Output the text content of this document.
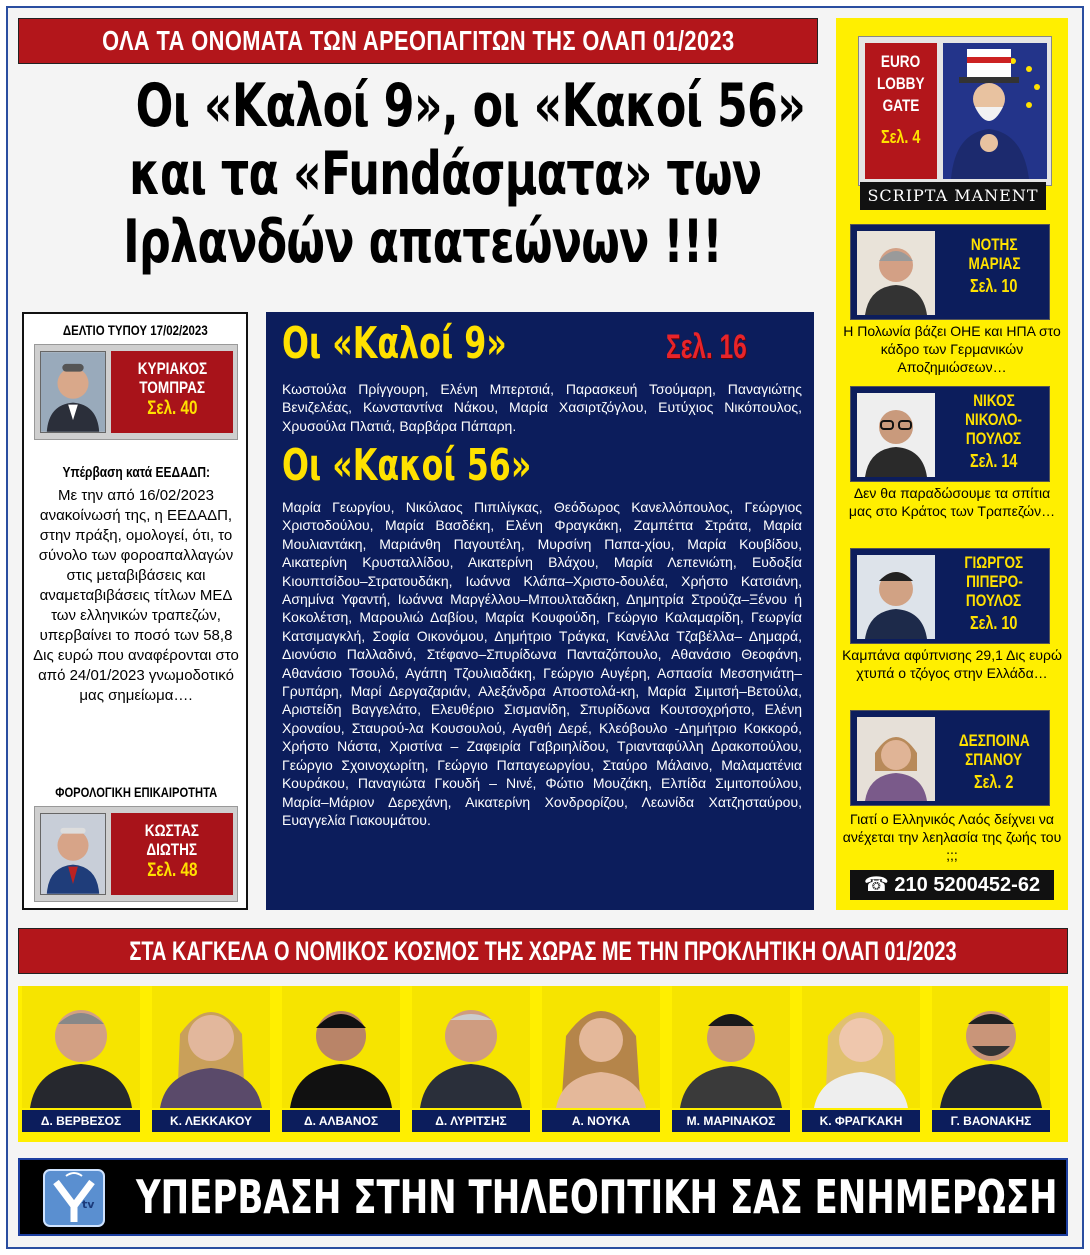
ΟΛΑ ΤΑ ΟΝΟΜΑΤΑ ΤΩΝ ΑΡΕΟΠΑΓΙΤΩΝ ΤΗΣ ΟΛΑΠ 01/2023
Οι «Καλοί 9», οι «Κακοί 56»
και τα «Fundάσματα» των
Ιρλανδών απατεώνων !!!
ΔΕΛΤΙΟ ΤΥΠΟΥ 17/02/2023
ΚΥΡΙΑΚΟΣ
ΤΟΜΠΡΑΣ
Σελ. 40
Υπέρβαση κατά ΕΕΔΑΔΠ:
Με την από 16/02/2023 ανακοίνωσή της, η ΕΕΔΑΔΠ, στην πράξη, ομολογεί, ότι, το σύνολο των φοροαπαλλαγών στις μεταβιβάσεις και αναμεταβιβάσεις τίτλων ΜΕΔ των ελληνικών τραπεζών, υπερβαίνει το ποσό των 58,8 Δις ευρώ που αναφέρονται στο από 24/01/2023 γνωμοδοτικό μας σημείωμα….
ΦΟΡΟΛΟΓΙΚΗ ΕΠΙΚΑΙΡΟΤΗΤΑ
ΚΩΣΤΑΣ
ΔΙΩΤΗΣ
Σελ. 48
Οι «Καλοί 9»	Σελ. 16
Κωστούλα Πρίγγουρη, Ελένη Μπερτσιά, Παρασκευή Τσούμαρη, Παναγιώτης Βενιζελέας, Κωνσταντίνα Νάκου, Μαρία Χασιρτζόγλου, Ευτύχιος Νικόπουλος, Χρυσούλα Πλατιά, Βαρβάρα Πάπαρη.
Οι «Κακοί 56»
Μαρία Γεωργίου, Νικόλαος Πιπιλίγκας, Θεόδωρος Κανελλόπουλος, Γεώργιος Χριστοδούλου, Μαρία Βασδέκη, Ελένη Φραγκάκη, Ζαμπέττα Στράτα, Μαρία Μουλιαντάκη, Μαριάνθη Παγουτέλη, Μυρσίνη Παπα-χίου, Μαρία Κουβίδου, Αικατερίνη Κρυσταλλίδου, Αικατερίνη Βλάχου, Μαρία Λεπενιώτη, Ευδοξία Κιουπτσίδου–Στρατουδάκη, Ιωάννα Κλάπα–Χριστο-δουλέα, Χρήστο Κατσιάνη, Ασημίνα Υφαντή, Ιωάννα Μαργέλλου–Μπουλταδάκη, Δημητρία Στρούζα–Ξένου ή Κοκολέτση, Μαρουλιώ Δαβίου, Μαρία Κουφούδη, Γεώργιο Καλαμαρίδη, Γεωργία Κατσιμαγκλή, Σοφία Οικονόμου, Δημήτριο Τράγκα, Κανέλλα Τζαβέλλα– Δημαρά, Διονύσιο Παλλαδινό, Στέφανο–Σπυρίδωνα Πανταζόπουλο, Αθανάσιο Θεοφάνη, Αθανάσιο Τσουλό, Αγάπη Τζουλιαδάκη, Γεώργιο Αυγέρη, Ασπασία Μεσσηνιάτη–Γρυπάρη, Μαρί Δεργαζαριάν, Αλεξάνδρα Αποστολά-κη, Μαρία Σιμιτσή–Βετούλα, Αριστείδη Βαγγελάτο, Ελευθέριο Σισμανίδη, Σπυρίδωνα Κουτσοχρήστο, Ελένη Χροναίου, Σταυρού-λα Κουσουλού, Αγαθή Δερέ, Κλεόβουλο -Δημήτριο Κοκκορό, Χρήστο Νάστα, Χριστίνα – Ζαφειρία Γαβριηλίδου, Τριανταφύλλη Δρακοπούλου, Γεώργιο Σχοινοχωρίτη, Γεώργιο Παπαγεωργίου, Σταύρο Μάλαινο, Μαλαματένια Κουράκου, Παναγιώτα Γκουδή – Νινέ, Φώτιο Μουζάκη, Ελπίδα Σιμιτοπούλου, Μαρία–Μάριον Δερεχάνη, Αικατερίνη Χονδρορίζου, Λεωνίδα Χατζησταύρου, Ευαγγελία Γιακουμάτου.
EURO
LOBBY
GATE
Σελ. 4
SCRIPTA MANENT
ΝΟΤΗΣ
ΜΑΡΙΑΣ
Σελ. 10
Η Πολωνία βάζει ΟΗΕ και ΗΠΑ στο κάδρο των Γερμανικών Αποζημιώσεων…
ΝΙΚΟΣ
ΝΙΚΟΛΟ-
ΠΟΥΛΟΣ
Σελ. 14
Δεν θα παραδώσουμε τα σπίτια μας στο Κράτος των Τραπεζών…
ΓΙΩΡΓΟΣ
ΠΙΠΕΡΟ-
ΠΟΥΛΟΣ
Σελ. 10
Καμπάνα αφύπνισης 29,1 Δις ευρώ χτυπά ο τζόγος στην Ελλάδα…
ΔΕΣΠΟΙΝΑ
ΣΠΑΝΟΥ
Σελ. 2
Γιατί ο Ελληνικός Λαός δείχνει να ανέχεται την λεηλασία της ζωής του ;;;
☎ 210 5200452-62
ΣΤΑ ΚΑΓΚΕΛΑ Ο ΝΟΜΙΚΟΣ ΚΟΣΜΟΣ ΤΗΣ ΧΩΡΑΣ ΜΕ ΤΗΝ ΠΡΟΚΛΗΤΙΚΗ ΟΛΑΠ 01/2023
Δ. ΒΕΡΒΕΣΟΣ	Κ. ΛΕΚΚΑΚΟΥ	Δ. ΑΛΒΑΝΟΣ	Δ. ΛΥΡΙΤΣΗΣ	Α. ΝΟΥΚΑ	Μ. ΜΑΡΙΝΑΚΟΣ	Κ. ΦΡΑΓΚΑΚΗ	Γ. ΒΑΟΝΑΚΗΣ
tv ΥΠΕΡΒΑΣΗ ΣΤΗΝ ΤΗΛΕΟΠΤΙΚΗ ΣΑΣ ΕΝΗΜΕΡΩΣΗ
